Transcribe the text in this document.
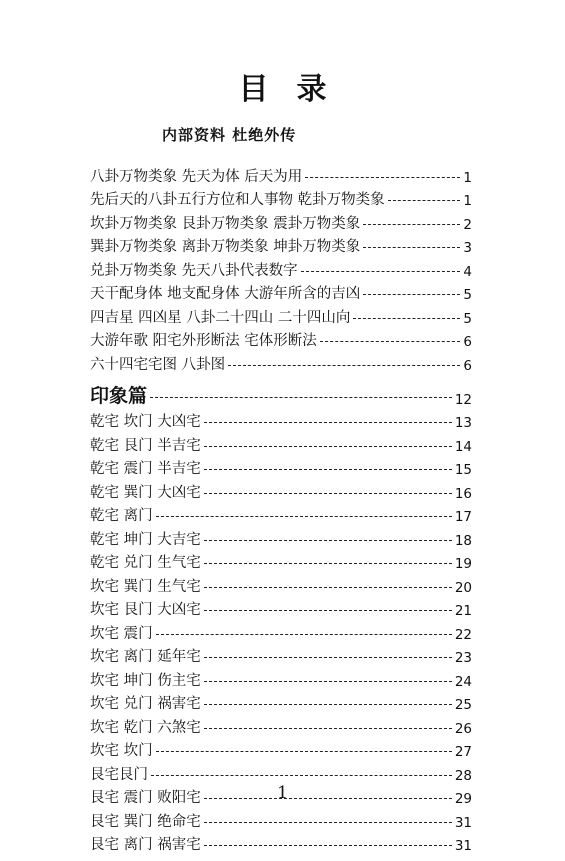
目录
内部资料 杜绝外传
八卦万物类象 先天为体 后天为用	1
先后天的八卦五行方位和人事物 乾卦万物类象	1
坎卦万物类象 艮卦万物类象 震卦万物类象	2
巽卦万物类象 离卦万物类象 坤卦万物类象	3
兑卦万物类象 先天八卦代表数字	4
天干配身体 地支配身体 大游年所含的吉凶	5
四吉星 四凶星 八卦二十四山 二十四山向	5
大游年歌 阳宅外形断法 宅体形断法	6
六十四宅宅图 八卦图	6
印象篇	12
乾宅 坎门 大凶宅	13
乾宅 艮门 半吉宅	14
乾宅 震门 半吉宅	15
乾宅 巽门 大凶宅	16
乾宅 离门	17
乾宅 坤门 大吉宅	18
乾宅 兑门 生气宅	19
坎宅 巽门 生气宅	20
坎宅 艮门 大凶宅	21
坎宅 震门	22
坎宅 离门 延年宅	23
坎宅 坤门 伤主宅	24
坎宅 兑门 祸害宅	25
坎宅 乾门 六煞宅	26
坎宅 坎门	27
艮宅艮门	28
艮宅 震门 败阳宅	29
艮宅 巽门 绝命宅	31
艮宅 离门 祸害宅	31
1
